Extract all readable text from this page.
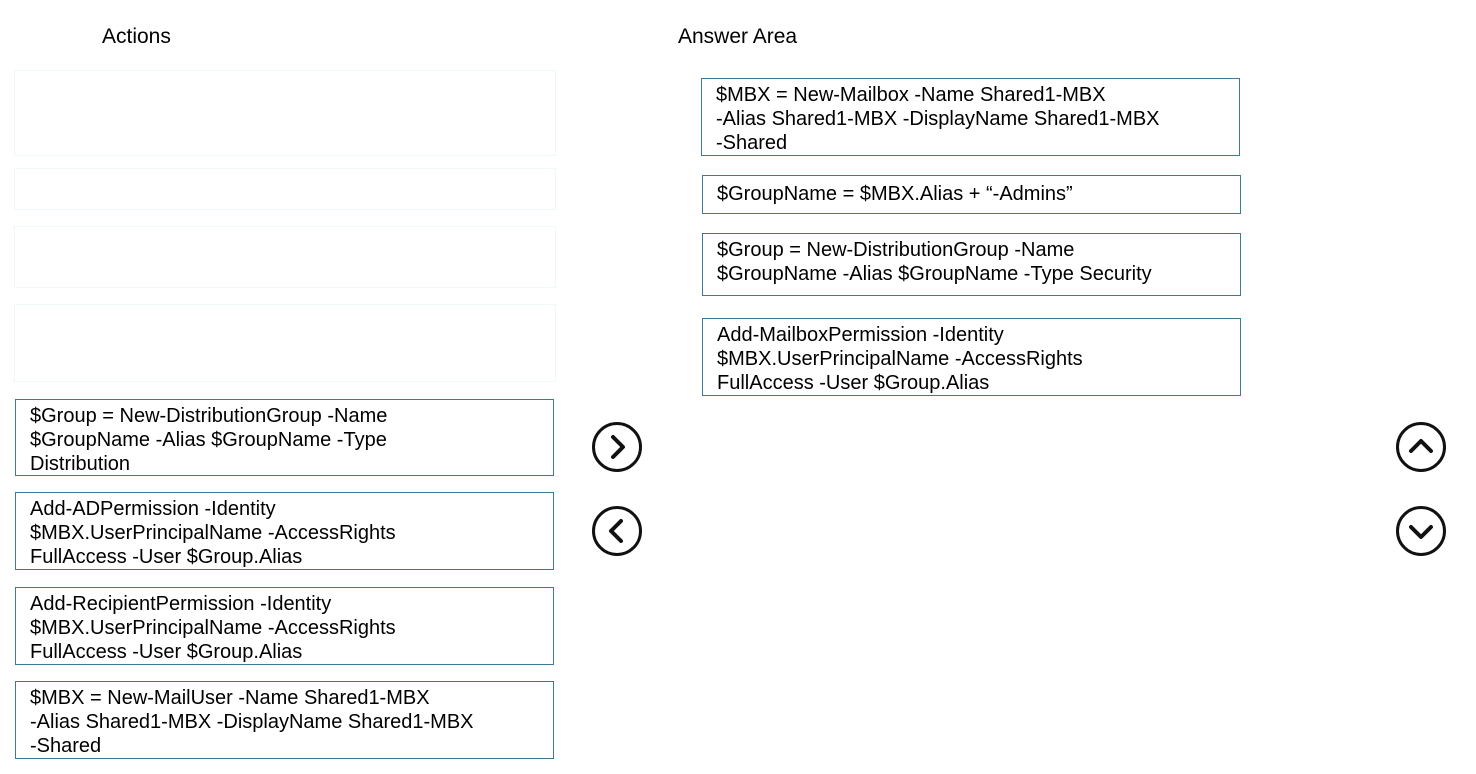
Actions	Answer Area
$Group = New-DistributionGroup -Name
$GroupName -Alias $GroupName -Type
Distribution
Add-ADPermission -Identity
$MBX.UserPrincipalName -AccessRights
FullAccess -User $Group.Alias
Add-RecipientPermission -Identity
$MBX.UserPrincipalName -AccessRights
FullAccess -User $Group.Alias
$MBX = New-MailUser -Name Shared1-MBX
-Alias Shared1-MBX -DisplayName Shared1-MBX
-Shared
$MBX = New-Mailbox -Name Shared1-MBX
-Alias Shared1-MBX -DisplayName Shared1-MBX
-Shared
$GroupName = $MBX.Alias + “-Admins”
$Group = New-DistributionGroup -Name
$GroupName -Alias $GroupName -Type Security
Add-MailboxPermission -Identity
$MBX.UserPrincipalName -AccessRights
FullAccess -User $Group.Alias
